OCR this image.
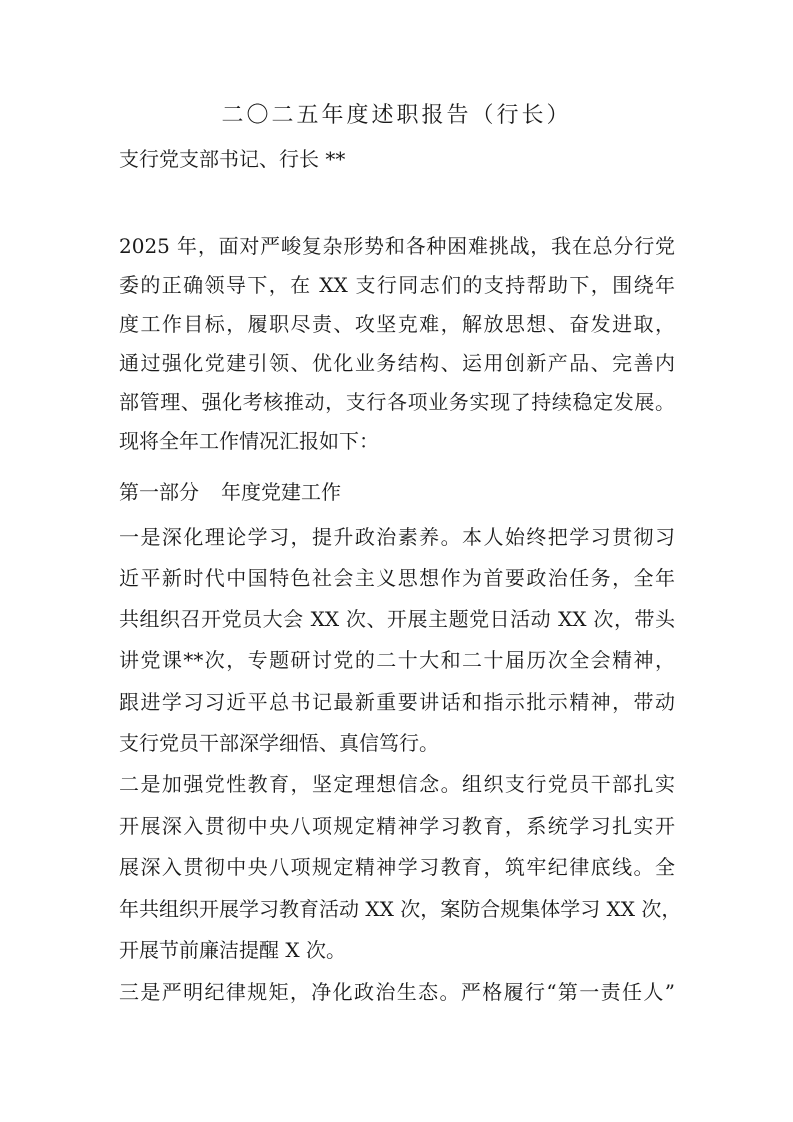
二〇二五年度述职报告（行长）
支行党支部书记、行长 **
2025 年，面对严峻复杂形势和各种困难挑战，我在总分行党
委的正确领导下，在 XX 支行同志们的支持帮助下，围绕年
度工作目标，履职尽责、攻坚克难，解放思想、奋发进取，
通过强化党建引领、优化业务结构、运用创新产品、完善内
部管理、强化考核推动，支行各项业务实现了持续稳定发展。
现将全年工作情况汇报如下：
第一部分 年度党建工作
一是深化理论学习，提升政治素养。本人始终把学习贯彻习
近平新时代中国特色社会主义思想作为首要政治任务，全年
共组织召开党员大会 XX 次、开展主题党日活动 XX 次，带头
讲党课**次，专题研讨党的二十大和二十届历次全会精神，
跟进学习习近平总书记最新重要讲话和指示批示精神，带动
支行党员干部深学细悟、真信笃行。
二是加强党性教育，坚定理想信念。组织支行党员干部扎实
开展深入贯彻中央八项规定精神学习教育，系统学习扎实开
展深入贯彻中央八项规定精神学习教育，筑牢纪律底线。全
年共组织开展学习教育活动 XX 次，案防合规集体学习 XX 次，
开展节前廉洁提醒 X 次。
三是严明纪律规矩，净化政治生态。严格履行“第一责任人”
